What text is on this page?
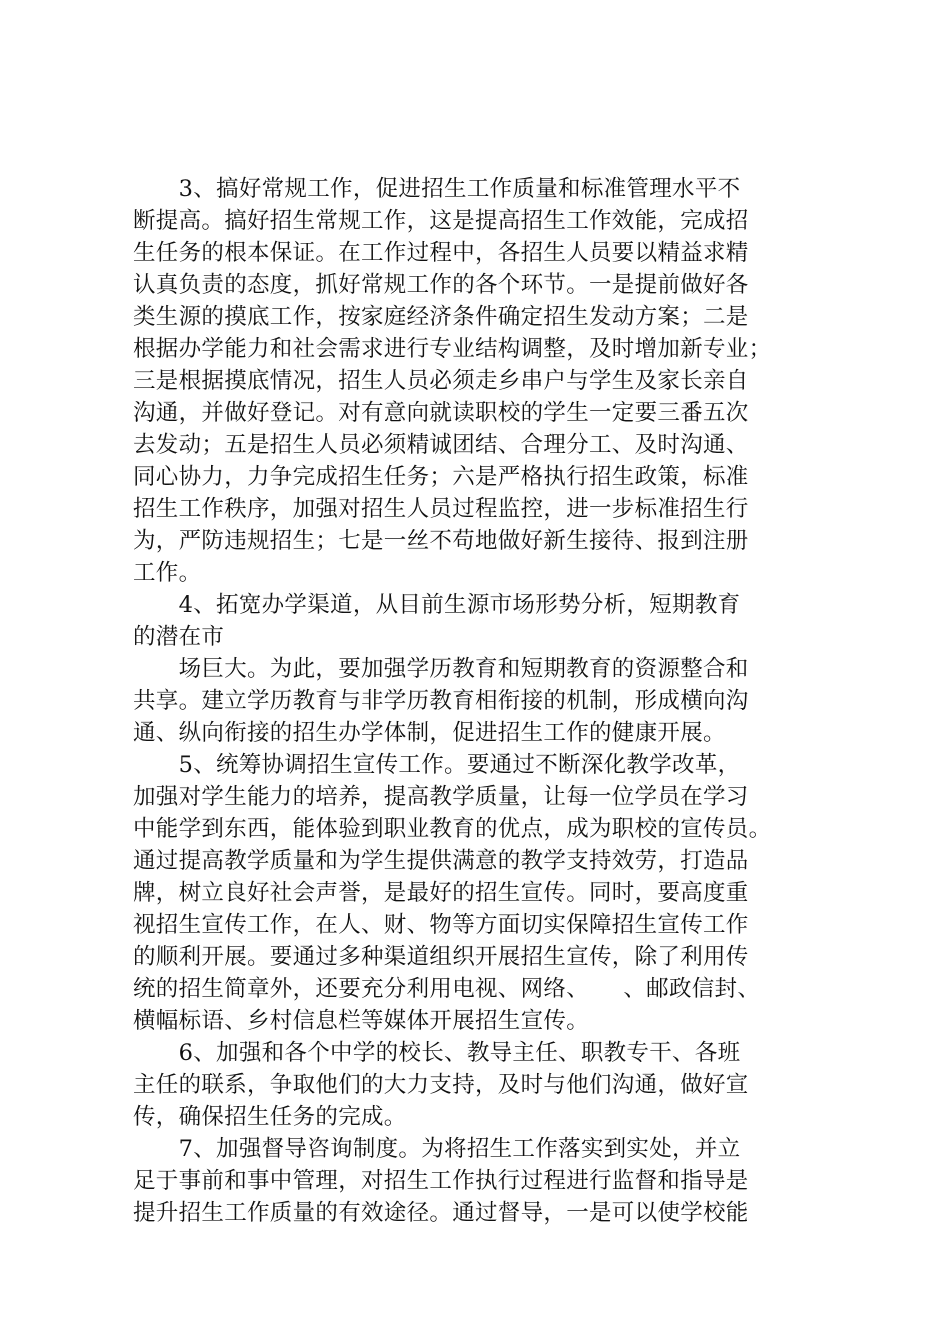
　　3、搞好常规工作，促进招生工作质量和标准管理水平不
断提高。搞好招生常规工作，这是提高招生工作效能，完成招
生任务的根本保证。在工作过程中，各招生人员要以精益求精
认真负责的态度，抓好常规工作的各个环节。一是提前做好各
类生源的摸底工作，按家庭经济条件确定招生发动方案；二是
根据办学能力和社会需求进行专业结构调整，及时增加新专业；
三是根据摸底情况，招生人员必须走乡串户与学生及家长亲自
沟通，并做好登记。对有意向就读职校的学生一定要三番五次
去发动；五是招生人员必须精诚团结、合理分工、及时沟通、
同心协力，力争完成招生任务；六是严格执行招生政策，标准
招生工作秩序，加强对招生人员过程监控，进一步标准招生行
为，严防违规招生；七是一丝不苟地做好新生接待、报到注册
工作。
　　4、拓宽办学渠道，从目前生源市场形势分析，短期教育
的潜在市
　　场巨大。为此，要加强学历教育和短期教育的资源整合和
共享。建立学历教育与非学历教育相衔接的机制，形成横向沟
通、纵向衔接的招生办学体制，促进招生工作的健康开展。
　　5、统筹协调招生宣传工作。要通过不断深化教学改革，
加强对学生能力的培养，提高教学质量，让每一位学员在学习
中能学到东西，能体验到职业教育的优点，成为职校的宣传员。
通过提高教学质量和为学生提供满意的教学支持效劳，打造品
牌，树立良好社会声誉，是最好的招生宣传。同时，要高度重
视招生宣传工作，在人、财、物等方面切实保障招生宣传工作
的顺利开展。要通过多种渠道组织开展招生宣传，除了利用传
统的招生简章外，还要充分利用电视、网络、　　、邮政信封、
横幅标语、乡村信息栏等媒体开展招生宣传。
　　6、加强和各个中学的校长、教导主任、职教专干、各班
主任的联系，争取他们的大力支持，及时与他们沟通，做好宣
传，确保招生任务的完成。
　　7、加强督导咨询制度。为将招生工作落实到实处，并立
足于事前和事中管理，对招生工作执行过程进行监督和指导是
提升招生工作质量的有效途径。通过督导，一是可以使学校能
